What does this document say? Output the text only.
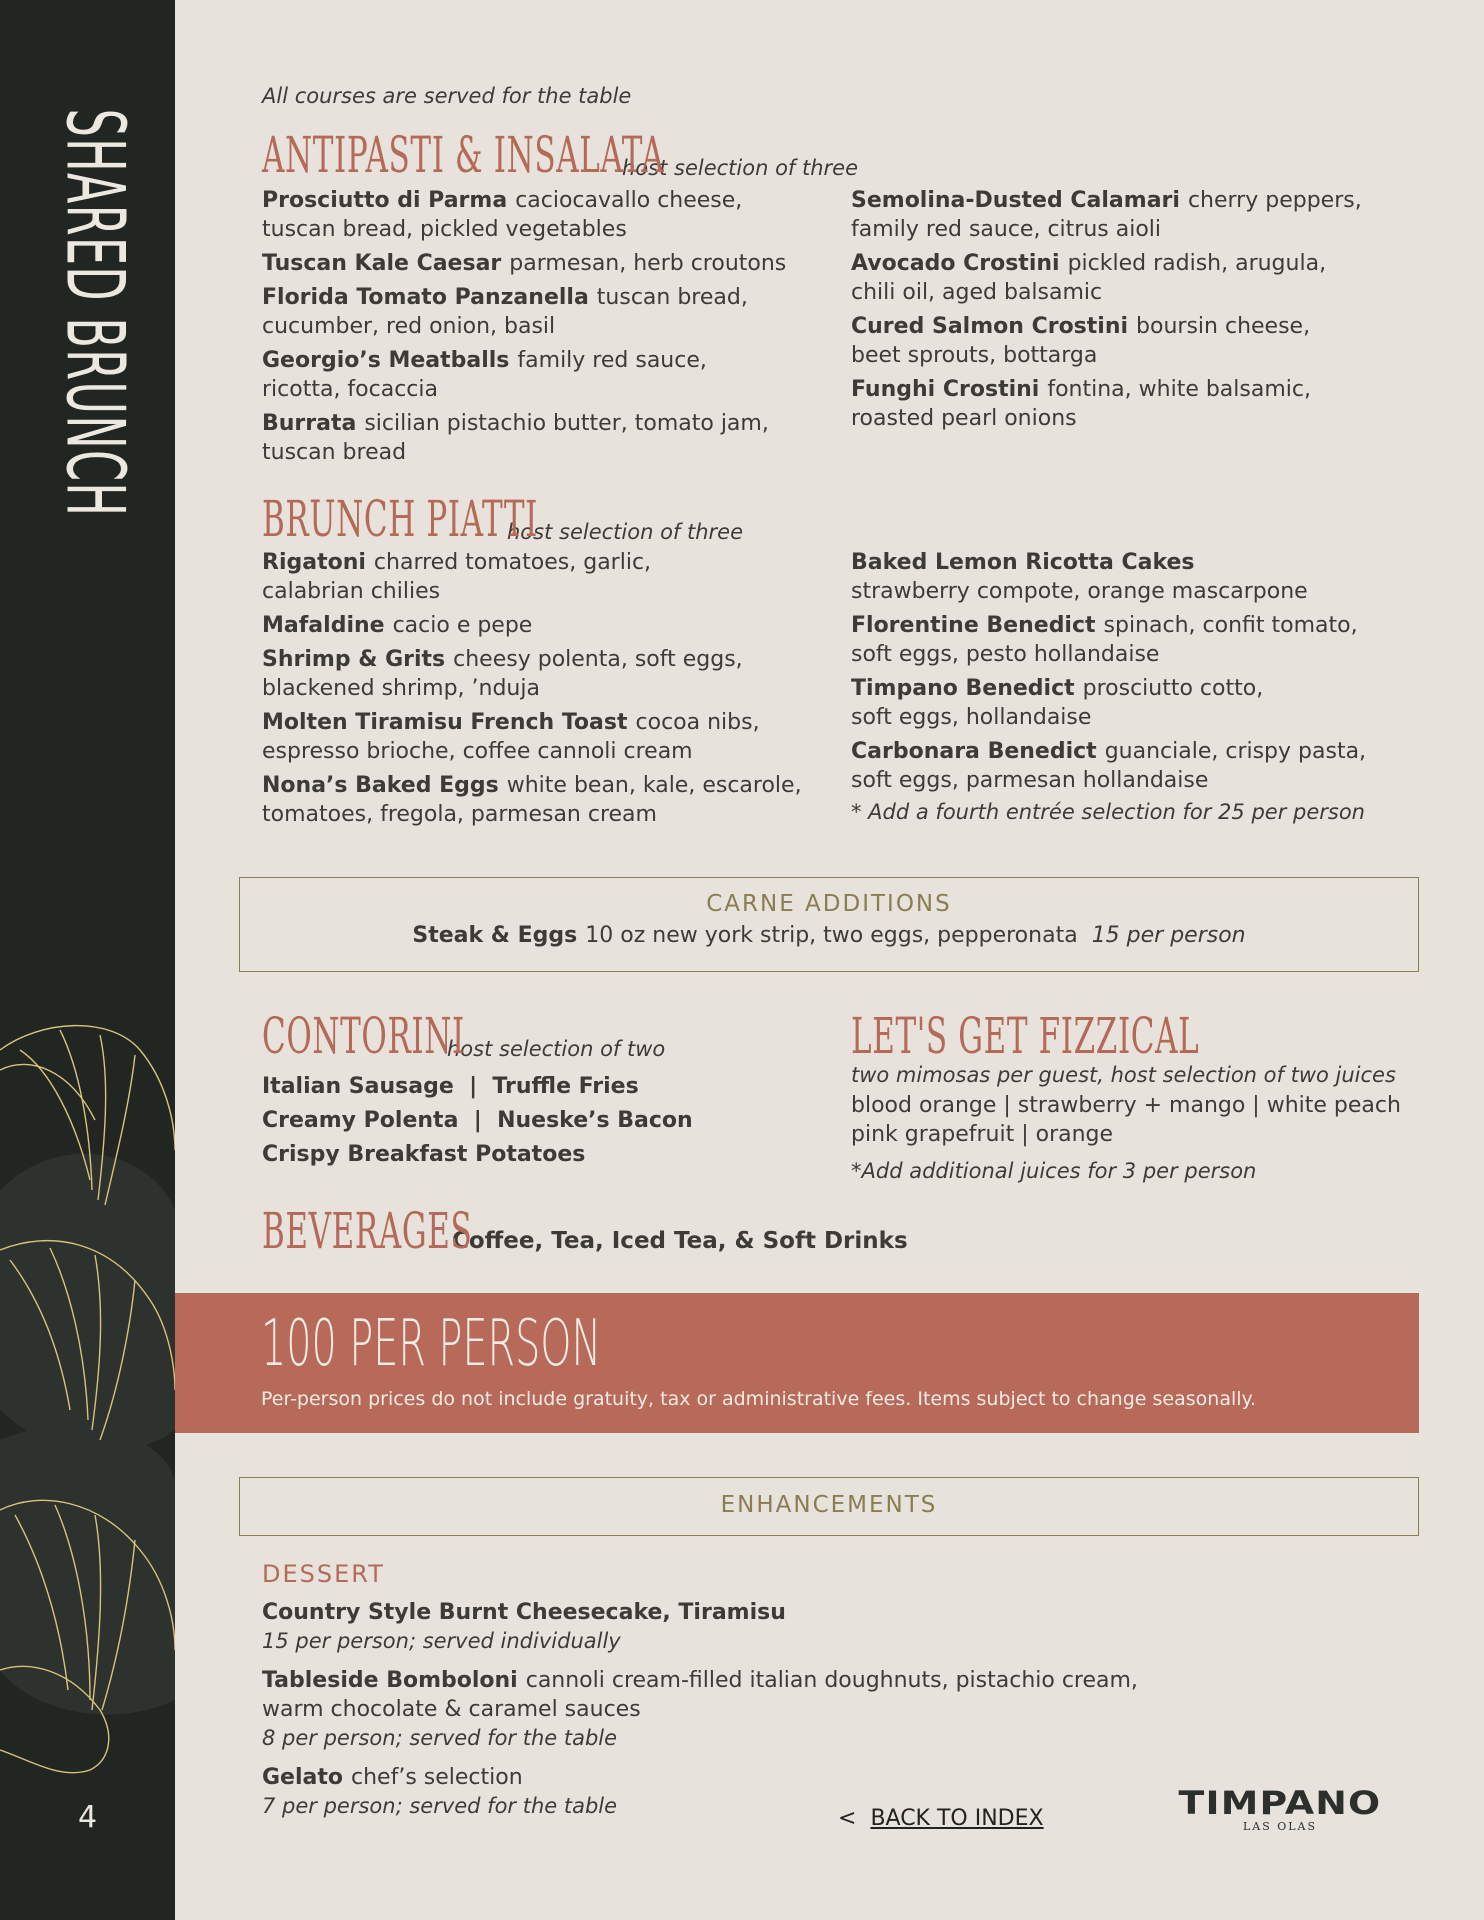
SHARED BRUNCH
4
All courses are served for the table
ANTIPASTI & INSALATA
host selection of three
Prosciutto di Parma caciocavallo cheese,
tuscan bread, pickled vegetables
Tuscan Kale Caesar parmesan, herb croutons
Florida Tomato Panzanella tuscan bread,
cucumber, red onion, basil
Georgio’s Meatballs family red sauce,
ricotta, focaccia
Burrata sicilian pistachio butter, tomato jam,
tuscan bread
Semolina-Dusted Calamari cherry peppers,
family red sauce, citrus aioli
Avocado Crostini pickled radish, arugula,
chili oil, aged balsamic
Cured Salmon Crostini boursin cheese,
beet sprouts, bottarga
Funghi Crostini fontina, white balsamic,
roasted pearl onions
BRUNCH PIATTI
host selection of three
Rigatoni charred tomatoes, garlic,
calabrian chilies
Mafaldine cacio e pepe
Shrimp & Grits cheesy polenta, soft eggs,
blackened shrimp, ’nduja
Molten Tiramisu French Toast cocoa nibs,
espresso brioche, coffee cannoli cream
Nona’s Baked Eggs white bean, kale, escarole,
tomatoes, fregola, parmesan cream
Baked Lemon Ricotta Cakes
strawberry compote, orange mascarpone
Florentine Benedict spinach, confit tomato,
soft eggs, pesto hollandaise
Timpano Benedict prosciutto cotto,
soft eggs, hollandaise
Carbonara Benedict guanciale, crispy pasta,
soft eggs, parmesan hollandaise
* Add a fourth entrée selection for 25 per person
CARNE ADDITIONS
Steak & Eggs 10 oz new york strip, two eggs, pepperonata 15 per person
CONTORINI
host selection of two
Italian Sausage  |  Truffle Fries
Creamy Polenta  |  Nueske’s Bacon
Crispy Breakfast Potatoes
LET'S GET FIZZICAL
two mimosas per guest, host selection of two juices
blood orange | strawberry + mango | white peach
pink grapefruit | orange
*Add additional juices for 3 per person
BEVERAGES
Coffee, Tea, Iced Tea, & Soft Drinks
100 PER PERSON
Per-person prices do not include gratuity, tax or administrative fees. Items subject to change seasonally.
ENHANCEMENTS
DESSERT
Country Style Burnt Cheesecake, Tiramisu
15 per person; served individually
Tableside Bomboloni cannoli cream-filled italian doughnuts, pistachio cream,
warm chocolate & caramel sauces
8 per person; served for the table
Gelato chef’s selection
7 per person; served for the table	< BACK TO INDEX	TIMPANO
LAS OLAS
